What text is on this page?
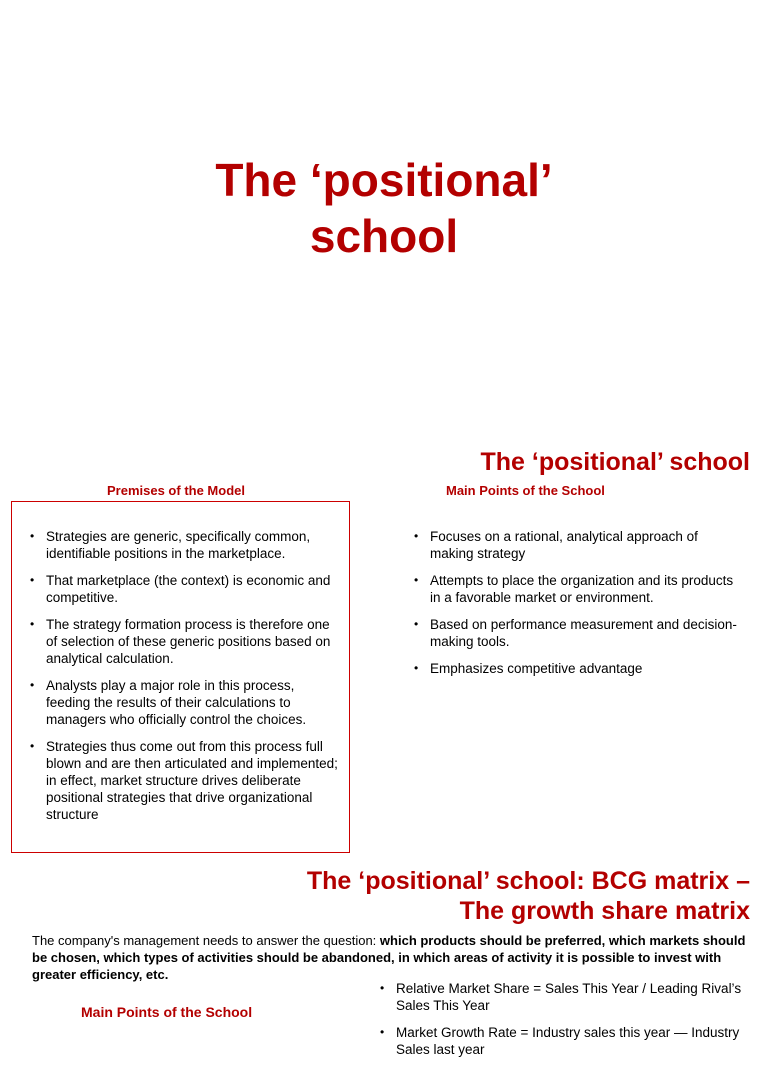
The ‘positional’
school
The ‘positional’ school
Premises of the Model	Main Points of the School
• Strategies are generic, specifically common, identifiable positions in the marketplace.
• That marketplace (the context) is economic and competitive.
• The strategy formation process is therefore one of selection of these generic positions based on analytical calculation.
• Analysts play a major role in this process, feeding the results of their calculations to managers who officially control the choices.
• Strategies thus come out from this process full blown and are then articulated and implemented; in effect, market structure drives deliberate positional strategies that drive organizational structure
• Focuses on a rational, analytical approach of making strategy
• Attempts to place the organization and its products in a favorable market or environment.
• Based on performance measurement and decision-making tools.
• Emphasizes competitive advantage
The ‘positional’ school: BCG matrix –
The growth share matrix
The company's management needs to answer the question: which products should be preferred, which markets should be chosen, which types of activities should be abandoned, in which areas of activity it is possible to invest with greater efficiency, etc.
Main Points of the School
• Relative Market Share = Sales This Year / Leading Rival’s Sales This Year
• Market Growth Rate = Industry sales this year — Industry Sales last year
